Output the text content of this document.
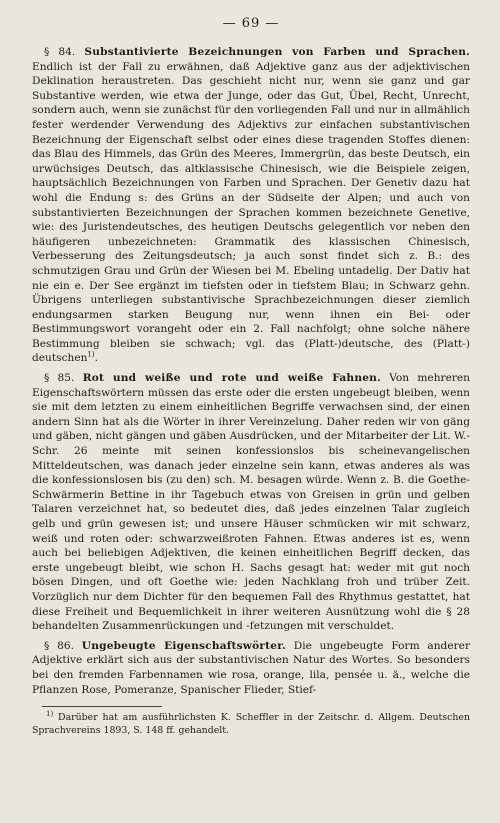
— 69 —

§ 84. Substantivierte Bezeichnungen von Farben und Sprachen. Endlich ist der Fall zu erwähnen, daß Adjektive ganz aus der adjektivischen Deklination heraustreten. Das geschieht nicht nur, wenn sie ganz und gar Substantive werden, wie etwa der Junge, oder das Gut, Übel, Recht, Unrecht, sondern auch, wenn sie zunächst für den vorliegenden Fall und nur in allmählich fester werdender Verwendung des Adjektivs zur einfachen substantivischen Bezeichnung der Eigenschaft selbst oder eines diese tragenden Stoffes dienen: das Blau des Himmels, das Grün des Meeres, Immergrün, das beste Deutsch, ein urwüchsiges Deutsch, das altklassische Chinesisch, wie die Beispiele zeigen, hauptsächlich Bezeichnungen von Farben und Sprachen. Der Genetiv dazu hat wohl die Endung s: des Grüns an der Südseite der Alpen; und auch von substantivierten Bezeichnungen der Sprachen kommen bezeichnete Genetive, wie: des Juristendeutsches, des heutigen Deutschs gelegentlich vor neben den häufigeren unbezeichneten: Grammatik des klassischen Chinesisch, Verbesserung des Zeitungsdeutsch; ja auch sonst findet sich z. B.: des schmutzigen Grau und Grün der Wiesen bei M. Ebeling untadelig. Der Dativ hat nie ein e. Der See ergänzt im tiefsten oder in tiefstem Blau; in Schwarz gehn. Übrigens unterliegen substantivische Sprachbezeichnungen dieser ziemlich endungsarmen starken Beugung nur, wenn ihnen ein Bei- oder Bestimmungswort vorangeht oder ein 2. Fall nachfolgt; ohne solche nähere Bestimmung bleiben sie schwach; vgl. das (Platt-)deutsche, des (Platt-) deutschen$^{1)}$.

§ 85. Rot und weiße und rote und weiße Fahnen. Von mehreren Eigenschaftswörtern müssen das erste oder die ersten ungebeugt bleiben, wenn sie mit dem letzten zu einem einheitlichen Begriffe verwachsen sind, der einen andern Sinn hat als die Wörter in ihrer Vereinzelung. Daher reden wir von gäng und gäben, nicht gängen und gäben Ausdrücken, und der Mitarbeiter der Lit. W.-Schr. 26 meinte mit seinen konfessionslos bis scheinevangelischen Mitteldeutschen, was danach jeder einzelne sein kann, etwas anderes als was die konfessionslosen bis (zu den) sch. M. besagen würde. Wenn z. B. die Goethe-Schwärmerin Bettine in ihr Tagebuch etwas von Greisen in grün und gelben Talaren verzeichnet hat, so bedeutet dies, daß jedes einzelnen Talar zugleich gelb und grün gewesen ist; und unsere Häuser schmücken wir mit schwarz, weiß und roten oder: schwarzweißroten Fahnen. Etwas anderes ist es, wenn auch bei beliebigen Adjektiven, die keinen einheitlichen Begriff decken, das erste ungebeugt bleibt, wie schon H. Sachs gesagt hat: weder mit gut noch bösen Dingen, und oft Goethe wie: jeden Nachklang froh und trüber Zeit. Vorzüglich nur dem Dichter für den bequemen Fall des Rhythmus gestattet, hat diese Freiheit und Bequemlichkeit in ihrer weiteren Ausnützung wohl die § 28 behandelten Zusammenrückungen und -fetzungen mit verschuldet.

§ 86. Ungebeugte Eigenschaftswörter. Die ungebeugte Form anderer Adjektive erklärt sich aus der substantivischen Natur des Wortes. So besonders bei den fremden Farbennamen wie rosa, orange, lila, pensée u. ä., welche die Pflanzen Rose, Pomeranze, Spanischer Flieder, Stief-

$^{1)}$ Darüber hat am ausführlichsten K. Scheffler in der Zeitschr. d. Allgem. Deutschen Sprachvereins 1893, S. 148 ff. gehandelt.
